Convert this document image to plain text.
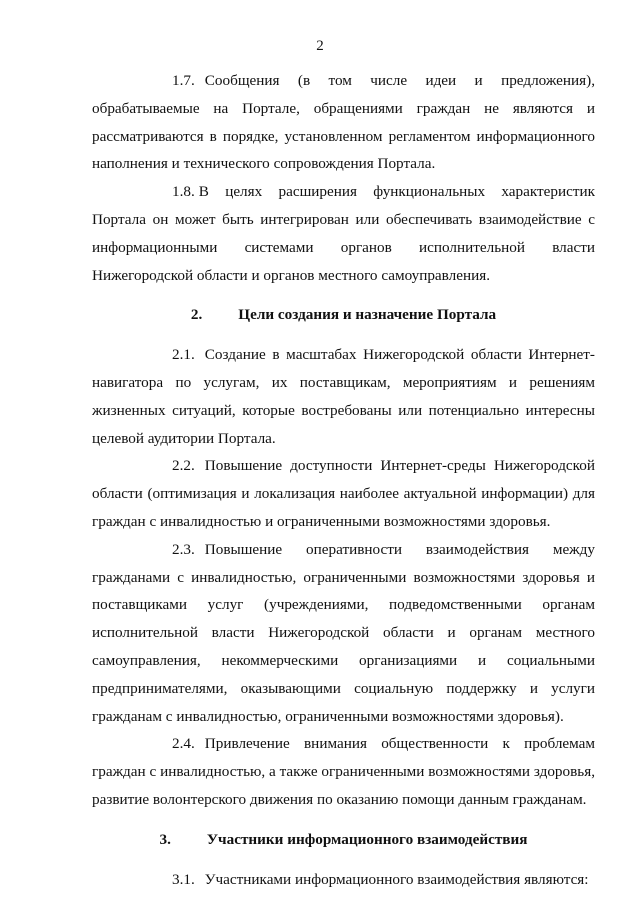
2

1.7. Сообщения (в том числе идеи и предложения), обрабатываемые на Портале, обращениями граждан не являются и рассматриваются в порядке, установленном регламентом информационного наполнения и технического сопровождения Портала.

1.8. В целях расширения функциональных характеристик Портала он может быть интегрирован или обеспечивать взаимодействие с информационными системами органов исполнительной власти Нижегородской области и органов местного самоуправления.

2. Цели создания и назначение Портала

2.1. Создание в масштабах Нижегородской области Интернет-навигатора по услугам, их поставщикам, мероприятиям и решениям жизненных ситуаций, которые востребованы или потенциально интересны целевой аудитории Портала.

2.2. Повышение доступности Интернет-среды Нижегородской области (оптимизация и локализация наиболее актуальной информации) для граждан с инвалидностью и ограниченными возможностями здоровья.

2.3. Повышение оперативности взаимодействия между гражданами с инвалидностью, ограниченными возможностями здоровья и поставщиками услуг (учреждениями, подведомственными органам исполнительной власти Нижегородской области и органам местного самоуправления, некоммерческими организациями и социальными предпринимателями, оказывающими социальную поддержку и услуги гражданам с инвалидностью, ограниченными возможностями здоровья).

2.4. Привлечение внимания общественности к проблемам граждан с инвалидностью, а также ограниченными возможностями здоровья, развитие волонтерского движения по оказанию помощи данным гражданам.

3. Участники информационного взаимодействия

3.1. Участниками информационного взаимодействия являются:
